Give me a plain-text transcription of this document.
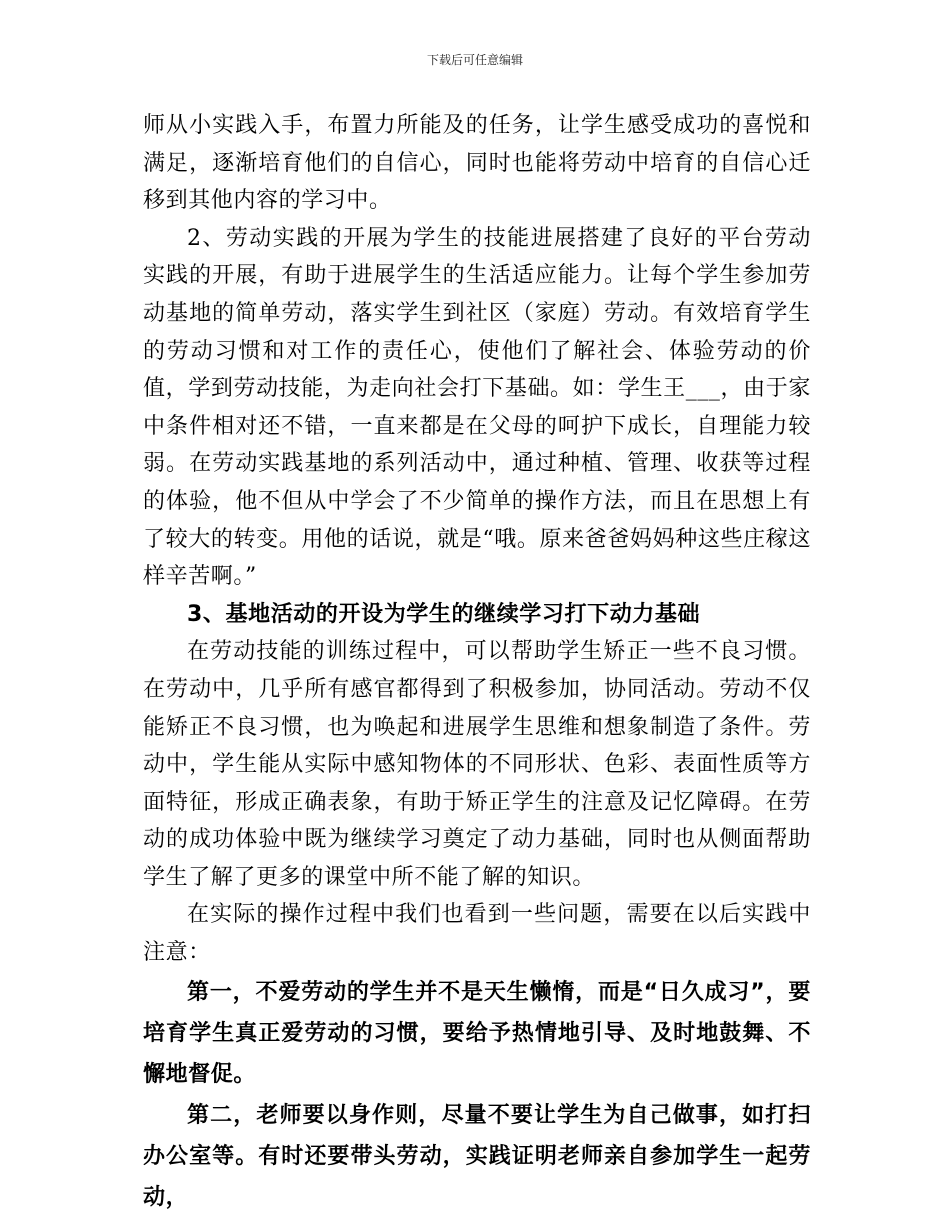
下载后可任意编辑

师从小实践入手，布置力所能及的任务，让学生感受成功的喜悦和满足，逐渐培育他们的自信心，同时也能将劳动中培育的自信心迁移到其他内容的学习中。

2、劳动实践的开展为学生的技能进展搭建了良好的平台劳动实践的开展，有助于进展学生的生活适应能力。让每个学生参加劳动基地的简单劳动，落实学生到社区（家庭）劳动。有效培育学生的劳动习惯和对工作的责任心，使他们了解社会、体验劳动的价值，学到劳动技能，为走向社会打下基础。如：学生王___，由于家中条件相对还不错，一直来都是在父母的呵护下成长，自理能力较弱。在劳动实践基地的系列活动中，通过种植、管理、收获等过程的体验，他不但从中学会了不少简单的操作方法，而且在思想上有了较大的转变。用他的话说，就是“哦。原来爸爸妈妈种这些庄稼这样辛苦啊。”

3、基地活动的开设为学生的继续学习打下动力基础

在劳动技能的训练过程中，可以帮助学生矫正一些不良习惯。在劳动中，几乎所有感官都得到了积极参加，协同活动。劳动不仅能矫正不良习惯，也为唤起和进展学生思维和想象制造了条件。劳动中，学生能从实际中感知物体的不同形状、色彩、表面性质等方面特征，形成正确表象，有助于矫正学生的注意及记忆障碍。在劳动的成功体验中既为继续学习奠定了动力基础，同时也从侧面帮助学生了解了更多的课堂中所不能了解的知识。

在实际的操作过程中我们也看到一些问题，需要在以后实践中注意：

第一，不爱劳动的学生并不是天生懒惰，而是“日久成习”，要培育学生真正爱劳动的习惯，要给予热情地引导、及时地鼓舞、不懈地督促。

第二，老师要以身作则，尽量不要让学生为自己做事，如打扫办公室等。有时还要带头劳动，实践证明老师亲自参加学生一起劳动，
